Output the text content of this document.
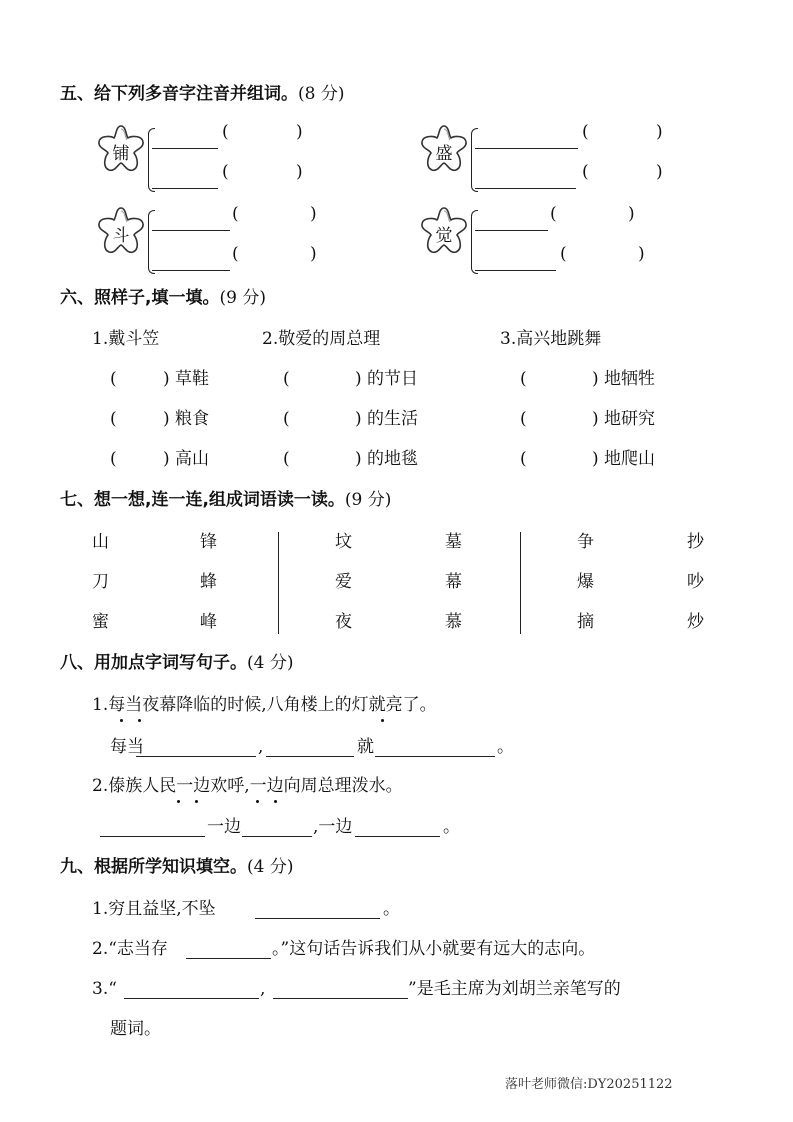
五、给下列多音字注音并组词。(8 分)
六、照样子,填一填。(9 分)
1.戴斗笠	2.敬爱的周总理	3.高兴地跳舞
七、想一想,连一连,组成词语读一读。(9 分)
八、用加点字词写句子。(4 分)
1.每当夜幕降临的时候,八角楼上的灯就亮了。
每当	,	就	。
2.傣族人民一边欢呼,一边向周总理泼水。
一边	,一边	。
九、根据所学知识填空。(4 分)
1.穷且益坚,不坠	。
2.“志当存	。”这句话告诉我们从小就要有远大的志向。
3.“	,	”是毛主席为刘胡兰亲笔写的
题词。
落叶老师微信:DY20251122
铺
(	)
(	)
盛
(	)
(	)
斗
(	)
(	)
觉
(	)
(	)
(	) 草鞋	(	) 的节日	(	) 地牺牲
(	) 粮食	(	) 的生活	(	) 地研究
(	) 高山	(	) 的地毯	(	) 地爬山
山	锋	坟	墓	争	抄
刀	蜂	爱	幕	爆	吵
蜜	峰	夜	慕	摘	炒
